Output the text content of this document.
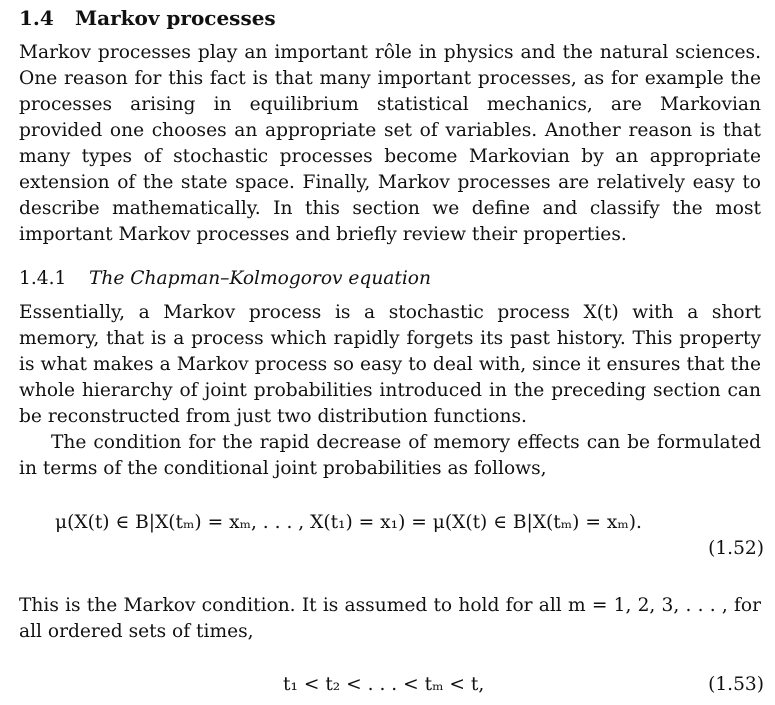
1.4 Markov processes

Markov processes play an important rôle in physics and the natural sciences. One reason for this fact is that many important processes, as for example the processes arising in equilibrium statistical mechanics, are Markovian provided one chooses an appropriate set of variables. Another reason is that many types of stochastic processes become Markovian by an appropriate extension of the state space. Finally, Markov processes are relatively easy to describe mathematically. In this section we define and classify the most important Markov processes and briefly review their properties.

1.4.1 The Chapman–Kolmogorov equation

Essentially, a Markov process is a stochastic process X(t) with a short memory, that is a process which rapidly forgets its past history. This property is what makes a Markov process so easy to deal with, since it ensures that the whole hierarchy of joint probabilities introduced in the preceding section can be reconstructed from just two distribution functions.

The condition for the rapid decrease of memory effects can be formulated in terms of the conditional joint probabilities as follows,

μ(X(t) ∈ B|X(tₘ) = xₘ, . . . , X(t₁) = x₁) = μ(X(t) ∈ B|X(tₘ) = xₘ).
(1.52)

This is the Markov condition. It is assumed to hold for all m = 1, 2, 3, . . . , for all ordered sets of times,

t₁ < t₂ < . . . < tₘ < t,	(1.53)
